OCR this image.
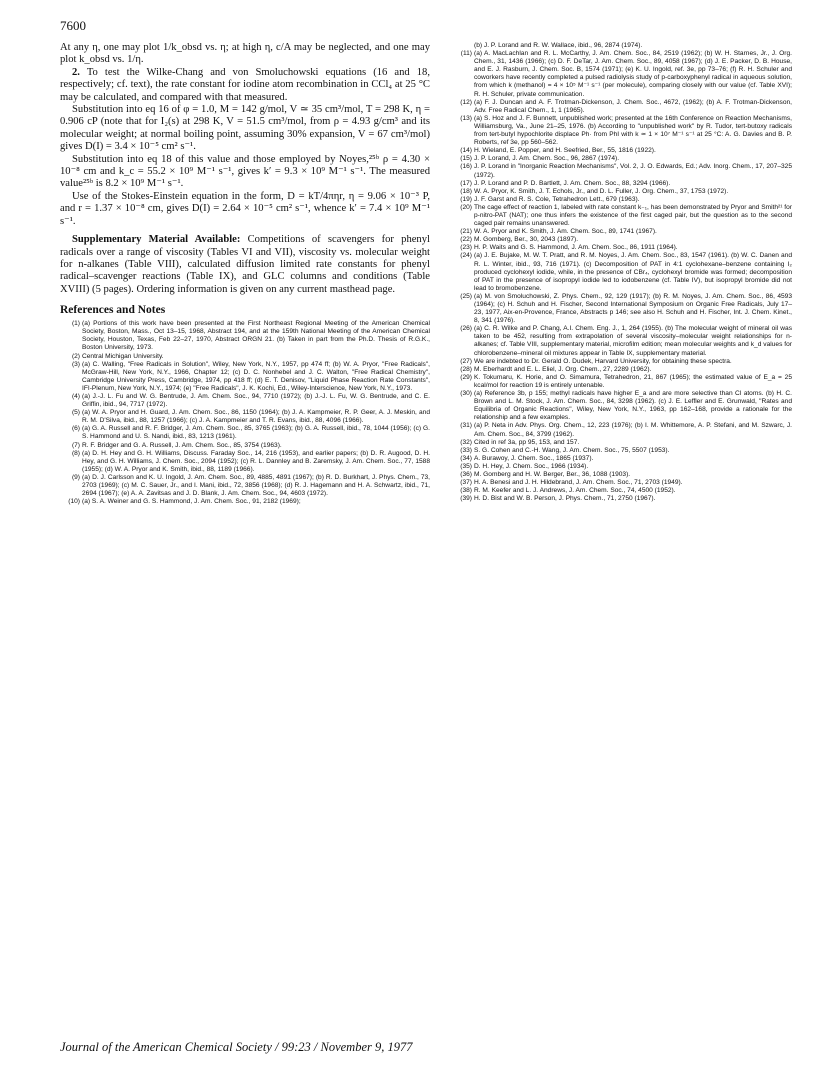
7600

At any η, one may plot 1/k_obsd vs. η; at high η, c/A may be neglected, and one may plot k_obsd vs. 1/η.

2. To test the Wilke-Chang and von Smoluchowski equations (16 and 18, respectively; cf. text), the rate constant for iodine atom recombination in CCl₄ at 25 °C may be calculated, and compared with that measured.

Substitution into eq 16 of φ = 1.0, M = 142 g/mol, V ≃ 35 cm³/mol, T = 298 K, η = 0.906 cP (note that for I₂(s) at 298 K, V = 51.5 cm³/mol, from ρ = 4.93 g/cm³ and its molecular weight; at normal boiling point, assuming 30% expansion, V = 67 cm³/mol) gives D(I) = 3.4 × 10⁻⁵ cm² s⁻¹.

Substitution into eq 18 of this value and those employed by Noyes,²⁵ᵇ ρ = 4.30 × 10⁻⁸ cm and k_c = 55.2 × 10⁹ M⁻¹ s⁻¹, gives k′ = 9.3 × 10⁹ M⁻¹ s⁻¹. The measured value²⁵ᵇ is 8.2 × 10⁹ M⁻¹ s⁻¹.

Use of the Stokes-Einstein equation in the form, D = kT/4πηr, η = 9.06 × 10⁻³ P, and r = 1.37 × 10⁻⁸ cm, gives D(I) = 2.64 × 10⁻⁵ cm² s⁻¹, whence k′ = 7.4 × 10⁹ M⁻¹ s⁻¹.

Supplementary Material Available: Competitions of scavengers for phenyl radicals over a range of viscosity (Tables VI and VII), viscosity vs. molecular weight for n-alkanes (Table VIII), calculated diffusion limited rate constants for phenyl radical–scavenger reactions (Table IX), and GLC columns and conditions (Table XVIII) (5 pages). Ordering information is given on any current masthead page.

References and Notes
(1) (a) Portions of this work have been presented at the First Northeast Regional Meeting of the American Chemical Society, Boston, Mass., Oct 13–15, 1968, Abstract 194, and at the 159th National Meeting of the American Chemical Society, Houston, Texas, Feb 22–27, 1970, Abstract ORGN 21. (b) Taken in part from the Ph.D. Thesis of R.G.K., Boston University, 1973.
(2) Central Michigan University.
(3) (a) C. Walling, "Free Radicals in Solution", Wiley, New York, N.Y., 1957, pp 474 ff; (b) W. A. Pryor, "Free Radicals", McGraw-Hill, New York, N.Y., 1966, Chapter 12; (c) D. C. Nonhebel and J. C. Walton, "Free Radical Chemistry", Cambridge University Press, Cambridge, 1974, pp 418 ff; (d) E. T. Denisov, "Liquid Phase Reaction Rate Constants", IFI-Plenum, New York, N.Y., 1974; (e) "Free Radicals", J. K. Kochi, Ed., Wiley-Interscience, New York, N.Y., 1973.
(4) (a) J.-J. L. Fu and W. G. Bentrude, J. Am. Chem. Soc., 94, 7710 (1972); (b) J.-J. L. Fu, W. G. Bentrude, and C. E. Griffin, ibid., 94, 7717 (1972).
(5) (a) W. A. Pryor and H. Guard, J. Am. Chem. Soc., 86, 1150 (1964); (b) J. A. Kampmeier, R. P. Geer, A. J. Meskin, and R. M. D'Silva, ibid., 88, 1257 (1966); (c) J. A. Kampmeier and T. R. Evans, ibid., 88, 4096 (1966).
(6) (a) G. A. Russell and R. F. Bridger, J. Am. Chem. Soc., 85, 3765 (1963); (b) G. A. Russell, ibid., 78, 1044 (1956); (c) G. S. Hammond and U. S. Nandi, ibid., 83, 1213 (1961).
(7) R. F. Bridger and G. A. Russell, J. Am. Chem. Soc., 85, 3754 (1963).
(8) (a) D. H. Hey and G. H. Williams, Discuss. Faraday Soc., 14, 216 (1953), and earlier papers; (b) D. R. Augood, D. H. Hey, and G. H. Williams, J. Chem. Soc., 2094 (1952); (c) R. L. Dannley and B. Zaremsky, J. Am. Chem. Soc., 77, 1588 (1955); (d) W. A. Pryor and K. Smith, ibid., 88, 1189 (1966).
(9) (a) D. J. Carlsson and K. U. Ingold, J. Am. Chem. Soc., 89, 4885, 4891 (1967); (b) R. D. Burkhart, J. Phys. Chem., 73, 2703 (1969); (c) M. C. Sauer, Jr., and I. Mani, ibid., 72, 3856 (1968); (d) R. J. Hagemann and H. A. Schwartz, ibid., 71, 2694 (1967); (e) A. A. Zavitsas and J. D. Blank, J. Am. Chem. Soc., 94, 4603 (1972).
(10) (a) S. A. Weiner and G. S. Hammond, J. Am. Chem. Soc., 91, 2182 (1969);
(b) J. P. Lorand and R. W. Wallace, ibid., 96, 2874 (1974).
(11) (a) A. MacLachlan and R. L. McCarthy, J. Am. Chem. Soc., 84, 2519 (1962); (b) W. H. Starnes, Jr., J. Org. Chem., 31, 1436 (1966); (c) D. F. DeTar, J. Am. Chem. Soc., 89, 4058 (1967); (d) J. E. Packer, D. B. House, and E. J. Rasburn, J. Chem. Soc. B, 1574 (1971); (e) K. U. Ingold, ref. 3e, pp 73–76; (f) R. H. Schuler and coworkers have recently completed a pulsed radiolysis study of p-carboxyphenyl radical in aqueous solution, from which k (methanol) = 4 × 10⁵ M⁻¹ s⁻¹ (per molecule), comparing closely with our value (cf. Table XVI); R. H. Schuler, private communication.
(12) (a) F. J. Duncan and A. F. Trotman-Dickenson, J. Chem. Soc., 4672, (1962); (b) A. F. Trotman-Dickenson, Adv. Free Radical Chem., 1, 1 (1965).
(13) (a) S. Hoz and J. F. Bunnett, unpublished work; presented at the 16th Conference on Reaction Mechanisms, Williamsburg, Va., June 21–25, 1976. (b) According to "unpublished work" by R. Tudor, tert-butoxy radicals from tert-butyl hypochlorite displace Ph· from PhI with k ≃ 1 × 10⁷ M⁻¹ s⁻¹ at 25 °C: A. G. Davies and B. P. Roberts, ref 3e, pp 560–562.
(14) H. Wieland, E. Popper, and H. Seefried, Ber., 55, 1816 (1922).
(15) J. P. Lorand, J. Am. Chem. Soc., 96, 2867 (1974).
(16) J. P. Lorand in "Inorganic Reaction Mechanisms", Vol. 2, J. O. Edwards, Ed.; Adv. Inorg. Chem., 17, 207–325 (1972).
(17) J. P. Lorand and P. D. Bartlett, J. Am. Chem. Soc., 88, 3294 (1966).
(18) W. A. Pryor, K. Smith, J. T. Echols, Jr., and D. L. Fuller, J. Org. Chem., 37, 1753 (1972).
(19) J. F. Garst and R. S. Cole, Tetrahedron Lett., 679 (1963).
(20) The cage effect of reaction 1, labeled with rate constant k₋₁, has been demonstrated by Pryor and Smith²¹ for p-nitro-PAT (NAT); one thus infers the existence of the first caged pair, but the question as to the second caged pair remains unanswered.
(21) W. A. Pryor and K. Smith, J. Am. Chem. Soc., 89, 1741 (1967).
(22) M. Gomberg, Ber., 30, 2043 (1897).
(23) H. P. Waits and G. S. Hammond, J. Am. Chem. Soc., 86, 1911 (1964).
(24) (a) J. E. Bujake, M. W. T. Pratt, and R. M. Noyes, J. Am. Chem. Soc., 83, 1547 (1961). (b) W. C. Danen and R. L. Winter, ibid., 93, 716 (1971). (c) Decomposition of PAT in 4:1 cyclohexane–benzene containing I₂ produced cyclohexyl iodide, while, in the presence of CBr₄, cyclohexyl bromide was formed; decomposition of PAT in the presence of isopropyl iodide led to iodobenzene (cf. Table IV), but isopropyl bromide did not lead to bromobenzene.
(25) (a) M. von Smoluchowski, Z. Phys. Chem., 92, 129 (1917); (b) R. M. Noyes, J. Am. Chem. Soc., 86, 4593 (1964); (c) H. Schuh and H. Fischer, Second International Symposium on Organic Free Radicals, July 17–23, 1977, Aix-en-Provence, France, Abstracts p 146; see also H. Schuh and H. Fischer, Int. J. Chem. Kinet., 8, 341 (1976).
(26) (a) C. R. Wilke and P. Chang, A.I. Chem. Eng. J., 1, 264 (1955). (b) The molecular weight of mineral oil was taken to be 452, resulting from extrapolation of several viscosity–molecular weight relationships for n-alkanes; cf. Table VIII, supplementary material, microfilm edition; mean molecular weights and k_d values for chlorobenzene–mineral oil mixtures appear in Table IX, supplementary material.
(27) We are indebted to Dr. Gerald O. Dudek, Harvard University, for obtaining these spectra.
(28) M. Eberhardt and E. L. Eliel, J. Org. Chem., 27, 2289 (1962).
(29) K. Tokumaru, K. Horie, and O. Simamura, Tetrahedron, 21, 867 (1965); the estimated value of E_a = 25 kcal/mol for reaction 19 is entirely untenable.
(30) (a) Reference 3b, p 155; methyl radicals have higher E_a and are more selective than Cl atoms. (b) H. C. Brown and L. M. Stock, J. Am. Chem. Soc., 84, 3298 (1962). (c) J. E. Leffler and E. Grunwald, "Rates and Equilibria of Organic Reactions", Wiley, New York, N.Y., 1963, pp 162–168, provide a rationale for the relationship and a few examples.
(31) (a) P. Neta in Adv. Phys. Org. Chem., 12, 223 (1976); (b) I. M. Whittemore, A. P. Stefani, and M. Szwarc, J. Am. Chem. Soc., 84, 3799 (1962).
(32) Cited in ref 3a, pp 95, 153, and 157.
(33) S. G. Cohen and C.-H. Wang, J. Am. Chem. Soc., 75, 5507 (1953).
(34) A. Burawoy, J. Chem. Soc., 1865 (1937).
(35) D. H. Hey, J. Chem. Soc., 1966 (1934).
(36) M. Gomberg and H. W. Berger, Ber., 36, 1088 (1903).
(37) H. A. Benesi and J. H. Hildebrand, J. Am. Chem. Soc., 71, 2703 (1949).
(38) R. M. Keefer and L. J. Andrews, J. Am. Chem. Soc., 74, 4500 (1952).
(39) H. D. Bist and W. B. Person, J. Phys. Chem., 71, 2750 (1967).
Journal of the American Chemical Society / 99:23 / November 9, 1977
